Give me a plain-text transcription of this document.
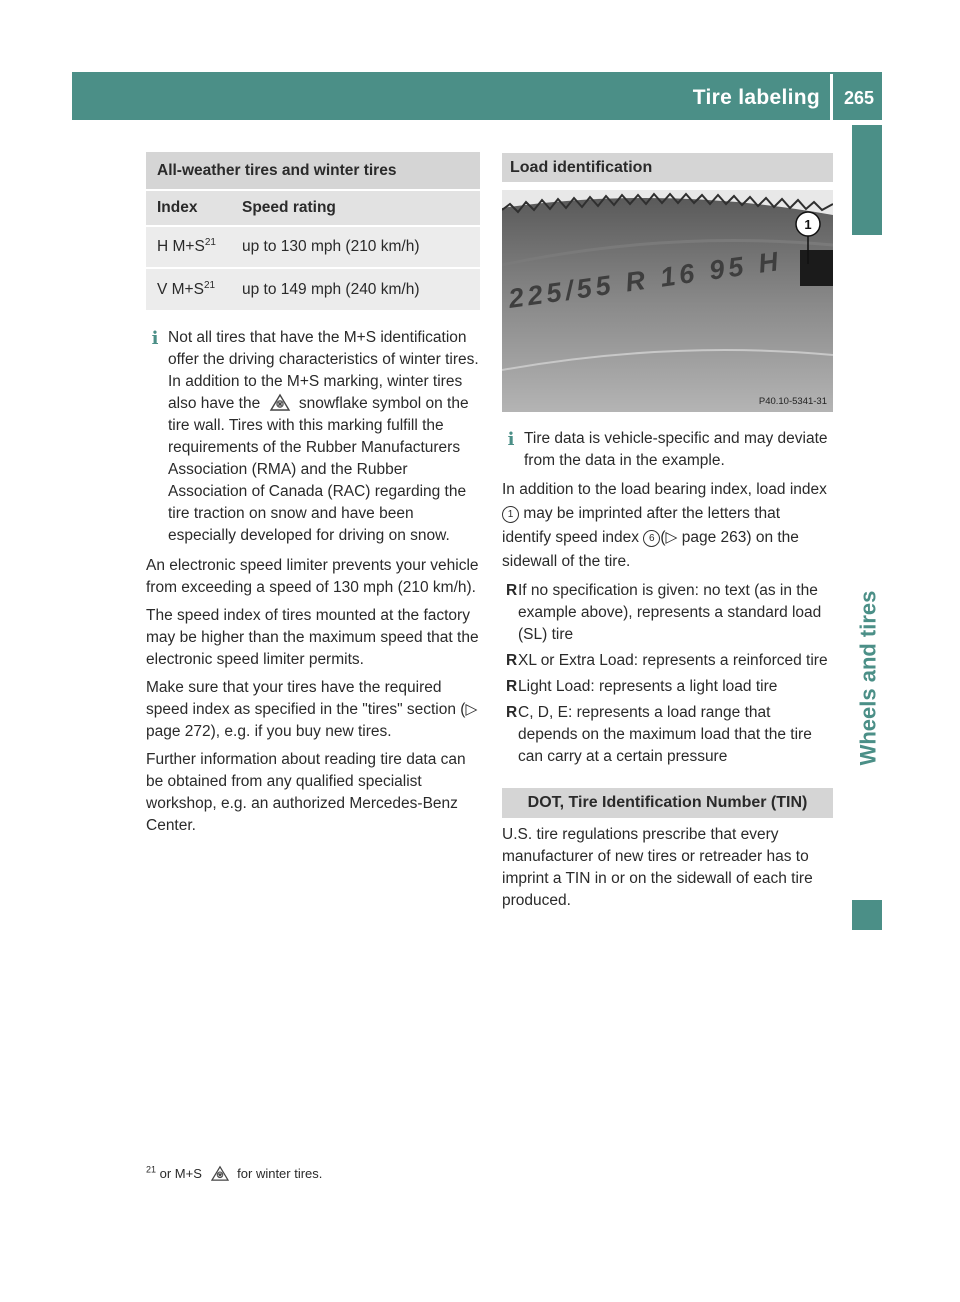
Tire labeling 265
Wheels and tires
All-weather tires and winter tires	
Index	Speed rating
H $M+S^{21}$	up to 130 mph (210 km/h)
V $M+S^{21}$	up to 149 mph (240 km/h)
i Not all tires that have the M+S identification offer the driving characteristics of winter tires. In addition to the M+S marking, winter tires also have the snowflake symbol on the tire wall. Tires with this marking fulfill the requirements of the Rubber Manufacturers Association (RMA) and the Rubber Association of Canada (RAC) regarding the tire traction on snow and have been especially developed for driving on snow.

An electronic speed limiter prevents your vehicle from exceeding a speed of 130 mph (210 km/h).

The speed index of tires mounted at the factory may be higher than the maximum speed that the electronic speed limiter permits.

Make sure that your tires have the required speed index as specified in the "tires" section (▷ page 272), e.g. if you buy new tires.

Further information about reading tire data can be obtained from any qualified specialist workshop, e.g. an authorized Mercedes-Benz Center.

Load identification
225/55 R 16 95 H
1
P40.10-5341-31
i Tire data is vehicle-specific and may deviate from the data in the example.

In addition to the load bearing index, load index 1 may be imprinted after the letters that identify speed index 6 (▷ page 263) on the sidewall of the tire.

R If no specification is given: no text (as in the example above), represents a standard load (SL) tire
R XL or Extra Load: represents a reinforced tire
R Light Load: represents a light load tire
R C, D, E: represents a load range that depends on the maximum load that the tire can carry at a certain pressure
DOT, Tire Identification Number (TIN)

U.S. tire regulations prescribe that every manufacturer of new tires or retreader has to imprint a TIN in or on the sidewall of each tire produced.

$^{21}$ or M+S	for winter tires.
